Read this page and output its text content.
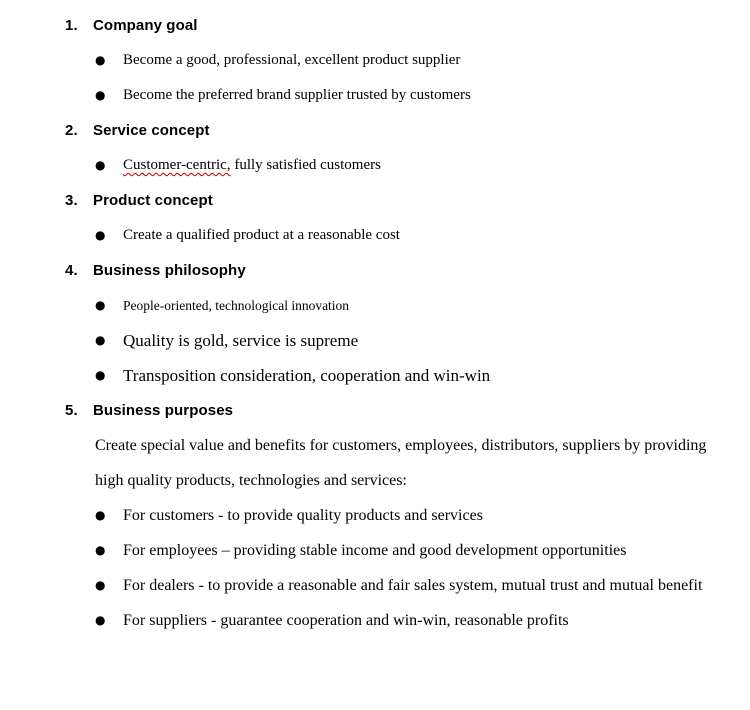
1. Company goal
●	Become a good, professional, excellent product supplier
●	Become the preferred brand supplier trusted by customers
2. Service concept
●	Customer-centric, fully satisfied customers
3. Product concept
●	Create a qualified product at a reasonable cost
4. Business philosophy
●	People-oriented, technological innovation
●	Quality is gold, service is supreme
●	Transposition consideration, cooperation and win-win
5. Business purposes
Create special value and benefits for customers, employees, distributors, suppliers by providing high quality products, technologies and services:
●	For customers - to provide quality products and services
●	For employees – providing stable income and good development opportunities
●	For dealers - to provide a reasonable and fair sales system, mutual trust and mutual benefit
●	For suppliers - guarantee cooperation and win-win, reasonable profits
